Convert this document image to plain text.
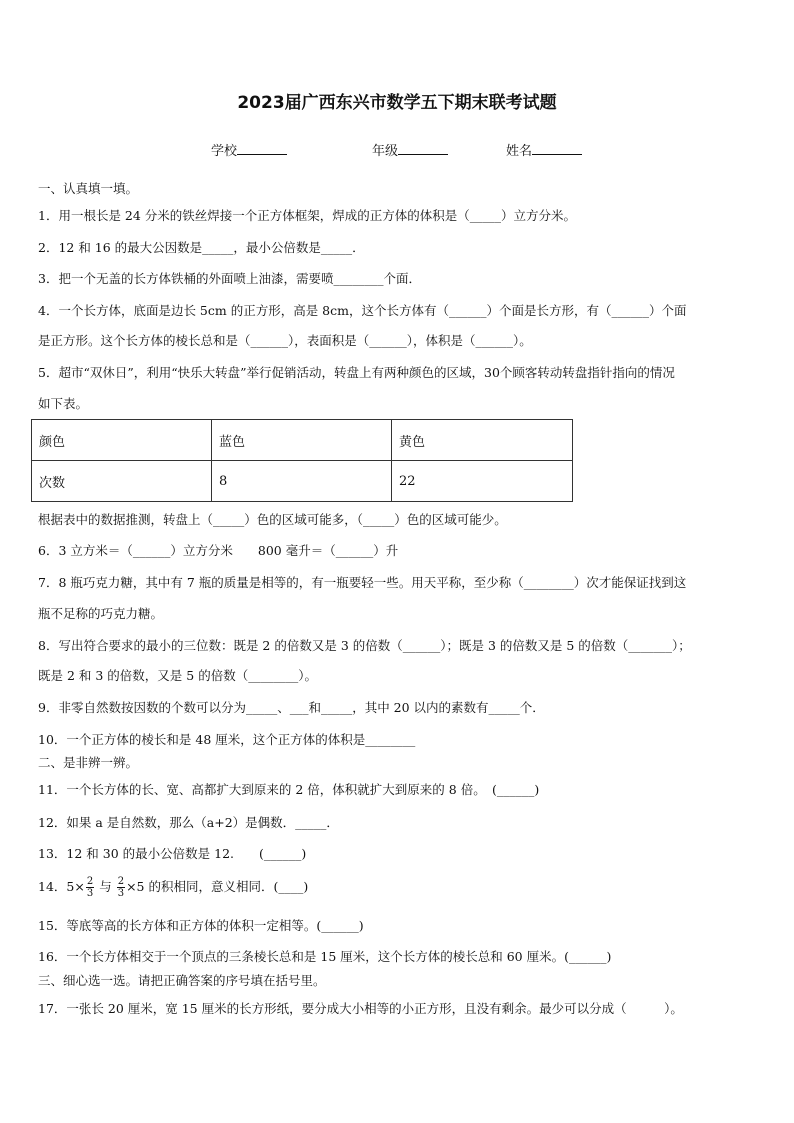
2023届广西东兴市数学五下期末联考试题
学校	年级	姓名
一、认真填一填。
1．用一根长是 24 分米的铁丝焊接一个正方体框架，焊成的正方体的体积是（_____）立方分米。
2．12 和 16 的最大公因数是_____，最小公倍数是_____．
3．把一个无盖的长方体铁桶的外面喷上油漆，需要喷________个面．
4．一个长方体，底面是边长 5cm 的正方形，高是 8cm，这个长方体有（______）个面是长方形，有（______）个面
是正方形。这个长方体的棱长总和是（______），表面积是（______），体积是（______）。
5．超市“双休日”，利用“快乐大转盘”举行促销活动，转盘上有两种颜色的区域，30个顾客转动转盘指针指向的情况
如下表。
颜色	蓝色	黄色
次数	8	22
根据表中的数据推测，转盘上（_____）色的区域可能多，（_____）色的区域可能少。
6．3 立方米＝（______）立方分米　　800 毫升＝（______）升
7．8 瓶巧克力糖，其中有 7 瓶的质量是相等的，有一瓶要轻一些。用天平称，至少称（________）次才能保证找到这
瓶不足称的巧克力糖。
8．写出符合要求的最小的三位数：既是 2 的倍数又是 3 的倍数（______）；既是 3 的倍数又是 5 的倍数（_______）；
既是 2 和 3 的倍数，又是 5 的倍数（________）。
9．非零自然数按因数的个数可以分为_____、___和_____，其中 20 以内的素数有_____个．
10．一个正方体的棱长和是 48 厘米，这个正方体的体积是________
二、是非辨一辨。
11．一个长方体的长、宽、高都扩大到原来的 2 倍，体积就扩大到原来的 8 倍。　(______)
12．如果 a 是自然数，那么（a+2）是偶数．_____．
13．12 和 30 的最小公倍数是 12.　　(______)
14．$5\times \frac{2}{3}$ 与 $\frac{2}{3} \times 5$ 的积相同，意义相同．(____)
15．等底等高的长方体和正方体的体积一定相等。(______)
16．一个长方体相交于一个顶点的三条棱长总和是 15 厘米，这个长方体的棱长总和 60 厘米。(______)
三、细心选一选。请把正确答案的序号填在括号里。
17．一张长 20 厘米，宽 15 厘米的长方形纸，要分成大小相等的小正方形，且没有剩余。最少可以分成（　　　）。
